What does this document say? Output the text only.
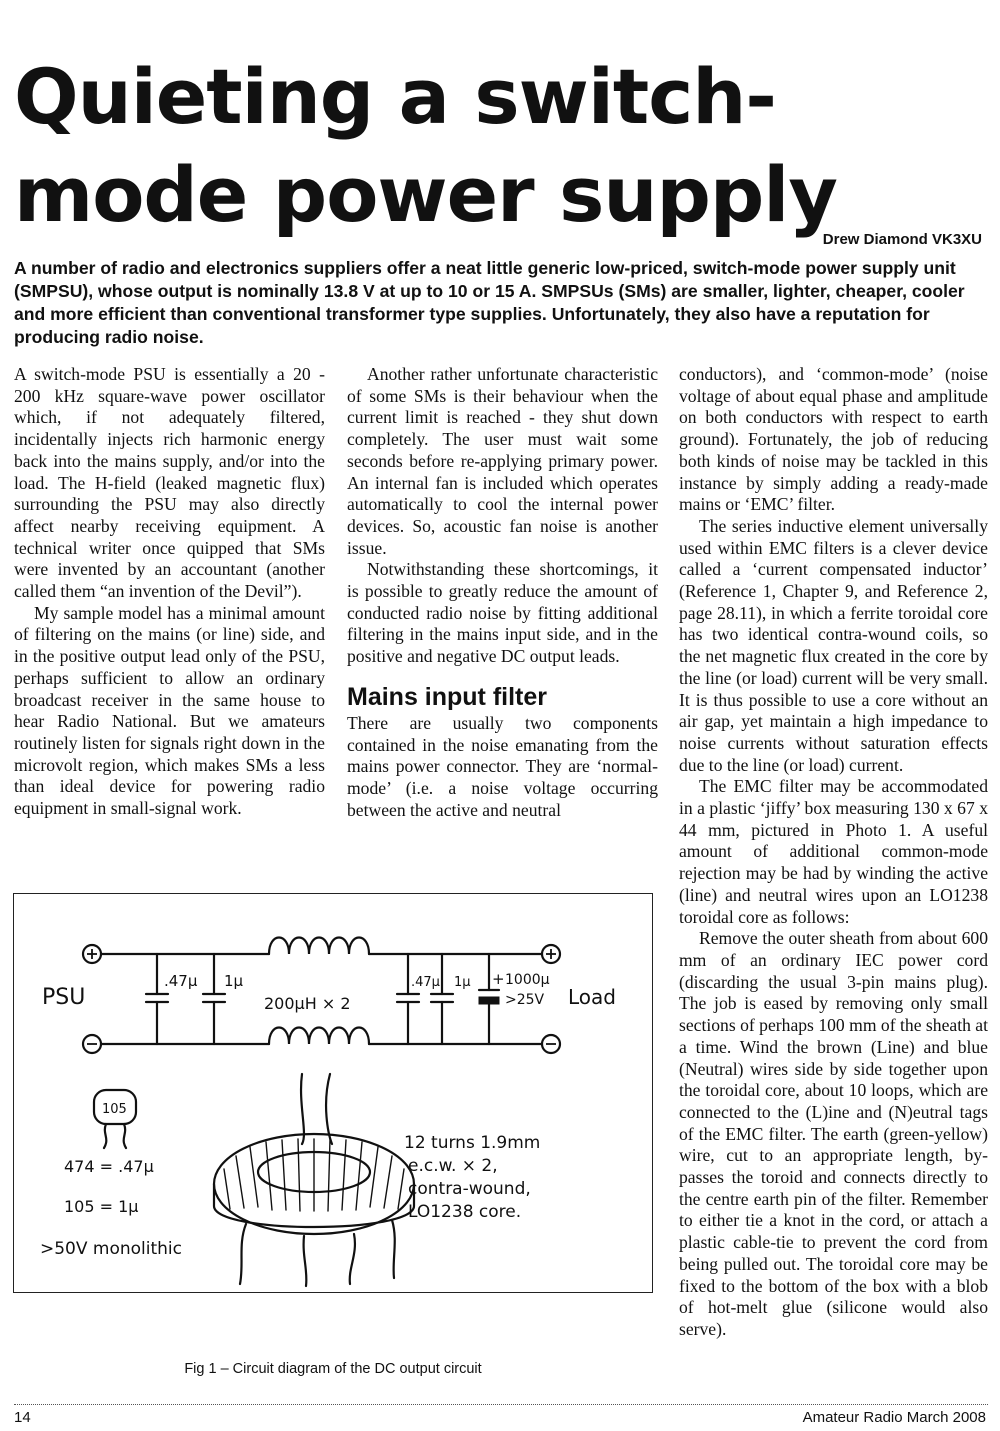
Quieting a switch-mode power supply
Drew Diamond VK3XU

A number of radio and electronics suppliers offer a neat little generic low-priced, switch-mode power supply unit (SMPSU), whose output is nominally 13.8 V at up to 10 or 15 A. SMPSUs (SMs) are smaller, lighter, cheaper, cooler and more efficient than conventional transformer type supplies. Unfortunately, they also have a reputation for producing radio noise.

A switch-mode PSU is essentially a 20 - 200 kHz square-wave power oscillator which, if not adequately filtered, incidentally injects rich harmonic energy back into the mains supply, and/or into the load. The H-field (leaked magnetic flux) surrounding the PSU may also directly affect nearby receiving equipment. A technical writer once quipped that SMs were invented by an accountant (another called them “an invention of the Devil”).

My sample model has a minimal amount of filtering on the mains (or line) side, and in the positive output lead only of the PSU, perhaps sufficient to allow an ordinary broadcast receiver in the same house to hear Radio National. But we amateurs routinely listen for signals right down in the microvolt region, which makes SMs a less than ideal device for powering radio equipment in small-signal work.

Another rather unfortunate characteristic of some SMs is their behaviour when the current limit is reached - they shut down completely. The user must wait some seconds before re-applying primary power. An internal fan is included which operates automatically to cool the internal power devices. So, acoustic fan noise is another issue.

Notwithstanding these shortcomings, it is possible to greatly reduce the amount of conducted radio noise by fitting additional filtering in the mains input side, and in the positive and negative DC output leads.

Mains input filter

There are usually two components contained in the noise emanating from the mains power connector. They are ‘normal-mode’ (i.e. a noise voltage occurring between the active and neutral

conductors), and ‘common-mode’ (noise voltage of about equal phase and amplitude on both conductors with respect to earth ground). Fortunately, the job of reducing both kinds of noise may be tackled in this instance by simply adding a ready-made mains or ‘EMC’ filter.

The series inductive element universally used within EMC filters is a clever device called a ‘current compensated inductor’ (Reference 1, Chapter 9, and Reference 2, page 28.11), in which a ferrite toroidal core has two identical contra-wound coils, so the net magnetic flux created in the core by the line (or load) current will be very small. It is thus possible to use a core without an air gap, yet maintain a high impedance to noise currents without saturation effects due to the line (or load) current.

The EMC filter may be accommodated in a plastic ‘jiffy’ box measuring 130 x 67 x 44 mm, pictured in Photo 1. A useful amount of additional common-mode rejection may be had by winding the active (line) and neutral wires upon an LO1238 toroidal core as follows:

Remove the outer sheath from about 600 mm of an ordinary IEC power cord (discarding the usual 3-pin mains plug). The job is eased by removing only small sections of perhaps 100 mm of the sheath at a time. Wind the brown (Line) and blue (Neutral) wires side by side together upon the toroidal core, about 10 loops, which are connected to the (L)ine and (N)eutral tags of the EMC filter. The earth (green-yellow) wire, cut to an appropriate length, by-passes the toroid and connects directly to the centre earth pin of the filter. Remember to either tie a knot in the cord, or attach a plastic cable-tie to prevent the cord from being pulled out. The toroidal core may be fixed to the bottom of the box with a blob of hot-melt glue (silicone would also serve).

PSU	Load
.47µ 1µ
200µH × 2
.47µ 1µ + 1000µ
>25V
105
474 = .47µ
105 = 1µ
>50V monolithic
12 turns 1.9mm
e.c.w. × 2,
contra-wound,
LO1238 core.
Fig 1 – Circuit diagram of the DC output circuit
14	Amateur Radio March 2008
